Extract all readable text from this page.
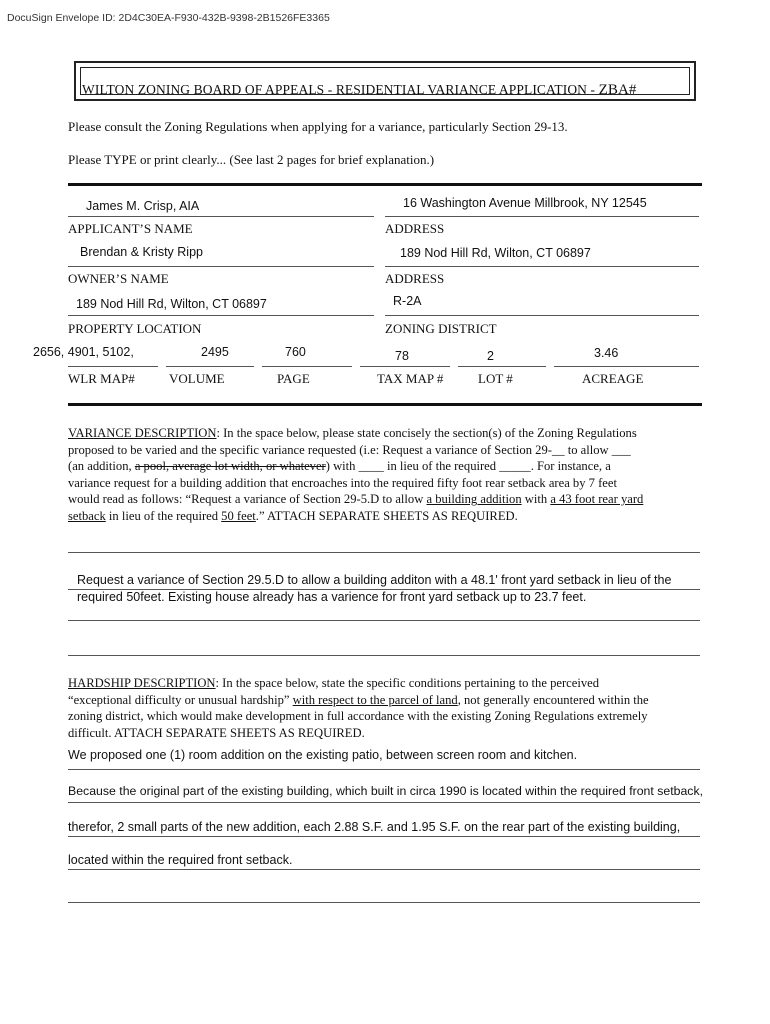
DocuSign Envelope ID: 2D4C30EA-F930-432B-9398-2B1526FE3365
WILTON ZONING BOARD OF APPEALS - RESIDENTIAL VARIANCE APPLICATION - ZBA#
Please consult the Zoning Regulations when applying for a variance, particularly Section 29-13.
Please TYPE or print clearly... (See last 2 pages for brief explanation.)
James M. Crisp, AIA
APPLICANT’S NAME
16 Washington Avenue Millbrook, NY 12545
ADDRESS
Brendan & Kristy Ripp
OWNER’S NAME
189 Nod Hill Rd, Wilton, CT 06897
ADDRESS
189 Nod Hill Rd, Wilton, CT 06897
PROPERTY LOCATION
R-2A
ZONING DISTRICT
2656, 4901, 5102,
WLR MAP#
2495
VOLUME
760
PAGE
78
TAX MAP #
2
LOT #
3.46
ACREAGE
VARIANCE DESCRIPTION: In the space below, please state concisely the section(s) of the Zoning Regulations
proposed to be varied and the specific variance requested (i.e: Request a variance of Section 29-__ to allow ___
(an addition, a pool, average lot width, or whatever) with ____ in lieu of the required _____. For instance, a
variance request for a building addition that encroaches into the required fifty foot rear setback area by 7 feet
would read as follows: “Request a variance of Section 29-5.D to allow a building addition with a 43 foot rear yard
setback in lieu of the required 50 feet.” ATTACH SEPARATE SHEETS AS REQUIRED.
Request a variance of Section 29.5.D to allow a building additon with a 48.1' front yard setback in lieu of the
required 50feet. Existing house already has a varience for front yard setback up to 23.7 feet.
HARDSHIP DESCRIPTION: In the space below, state the specific conditions pertaining to the perceived
“exceptional difficulty or unusual hardship” with respect to the parcel of land, not generally encountered within the
zoning district, which would make development in full accordance with the existing Zoning Regulations extremely
difficult. ATTACH SEPARATE SHEETS AS REQUIRED.
We proposed one (1) room addition on the existing patio, between screen room and kitchen.
Because the original part of the existing building, which built in circa 1990 is located within the required front setback,
therefor, 2 small parts of the new addition, each 2.88 S.F. and 1.95 S.F. on the rear part of the existing building,
located within the required front setback.
